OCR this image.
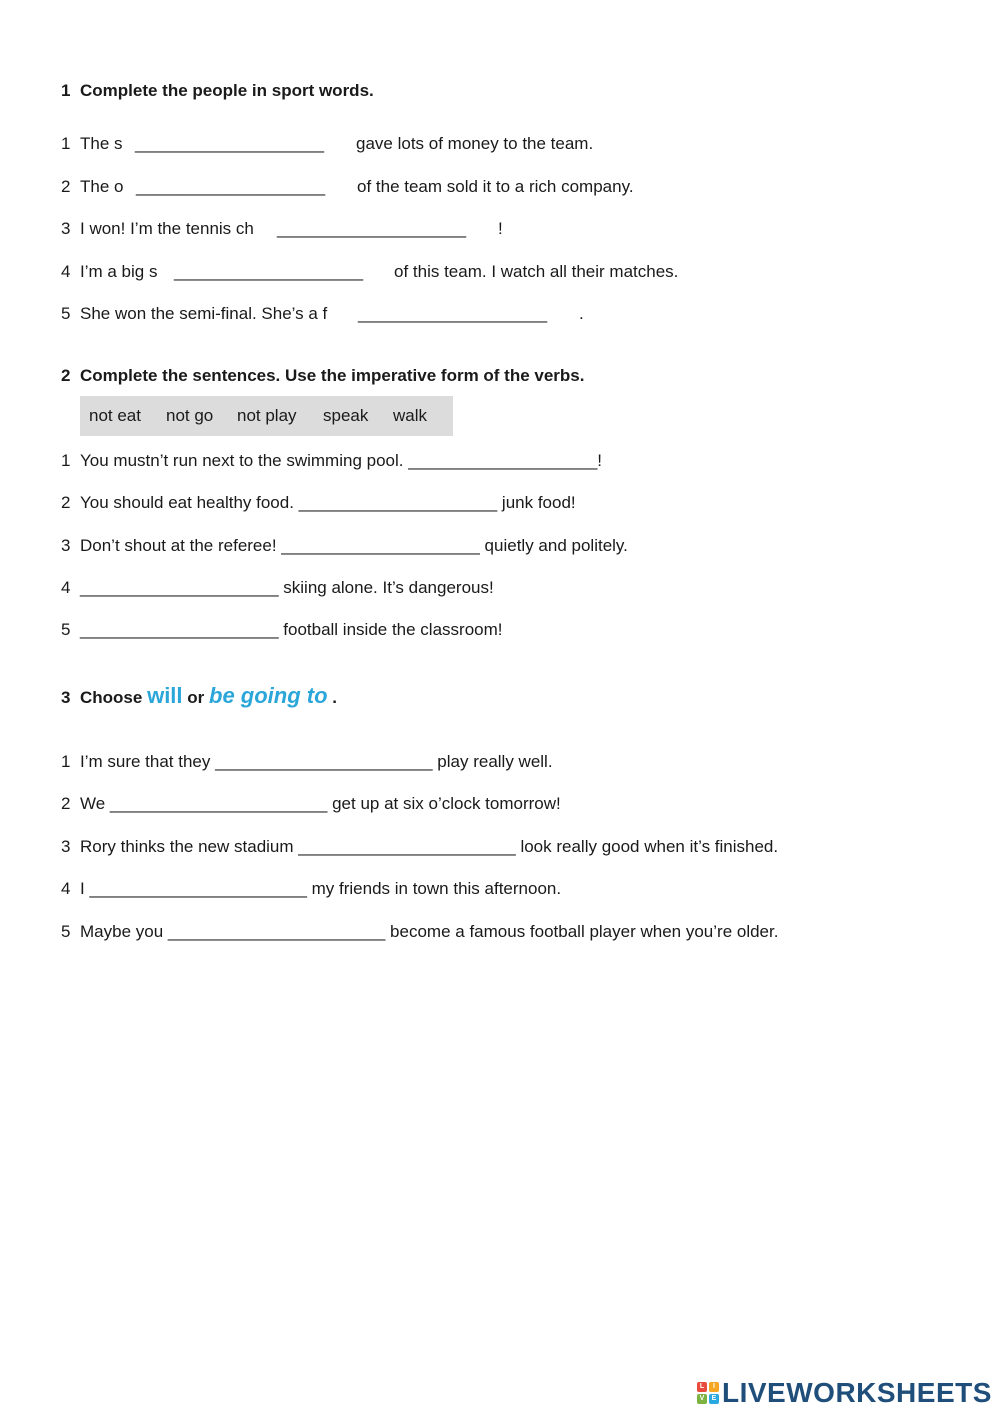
1 Complete the people in sport words.
1 The s ____________________ gave lots of money to the team.
2 The o ____________________ of the team sold it to a rich company.
3 I won! I’m the tennis ch ____________________ !
4 I’m a big s ____________________ of this team. I watch all their matches.
5 She won the semi-final. She’s a f ____________________ .
2 Complete the sentences. Use the imperative form of the verbs.
not eat not go not play speak walk
1 You mustn’t run next to the swimming pool. ____________________!
2 You should eat healthy food. _____________________ junk food!
3 Don’t shout at the referee! _____________________ quietly and politely.
4 _____________________ skiing alone. It’s dangerous!
5 _____________________ football inside the classroom!
3 Choose will or be going to .
1 I’m sure that they _______________________ play really well.
2 We _______________________ get up at six o’clock tomorrow!
3 Rory thinks the new stadium _______________________ look really good when it’s finished.
4 I _______________________ my friends in town this afternoon.
5 Maybe you _______________________ become a famous football player when you’re older.
L	I
V	E LIVEWORKSHEETS
